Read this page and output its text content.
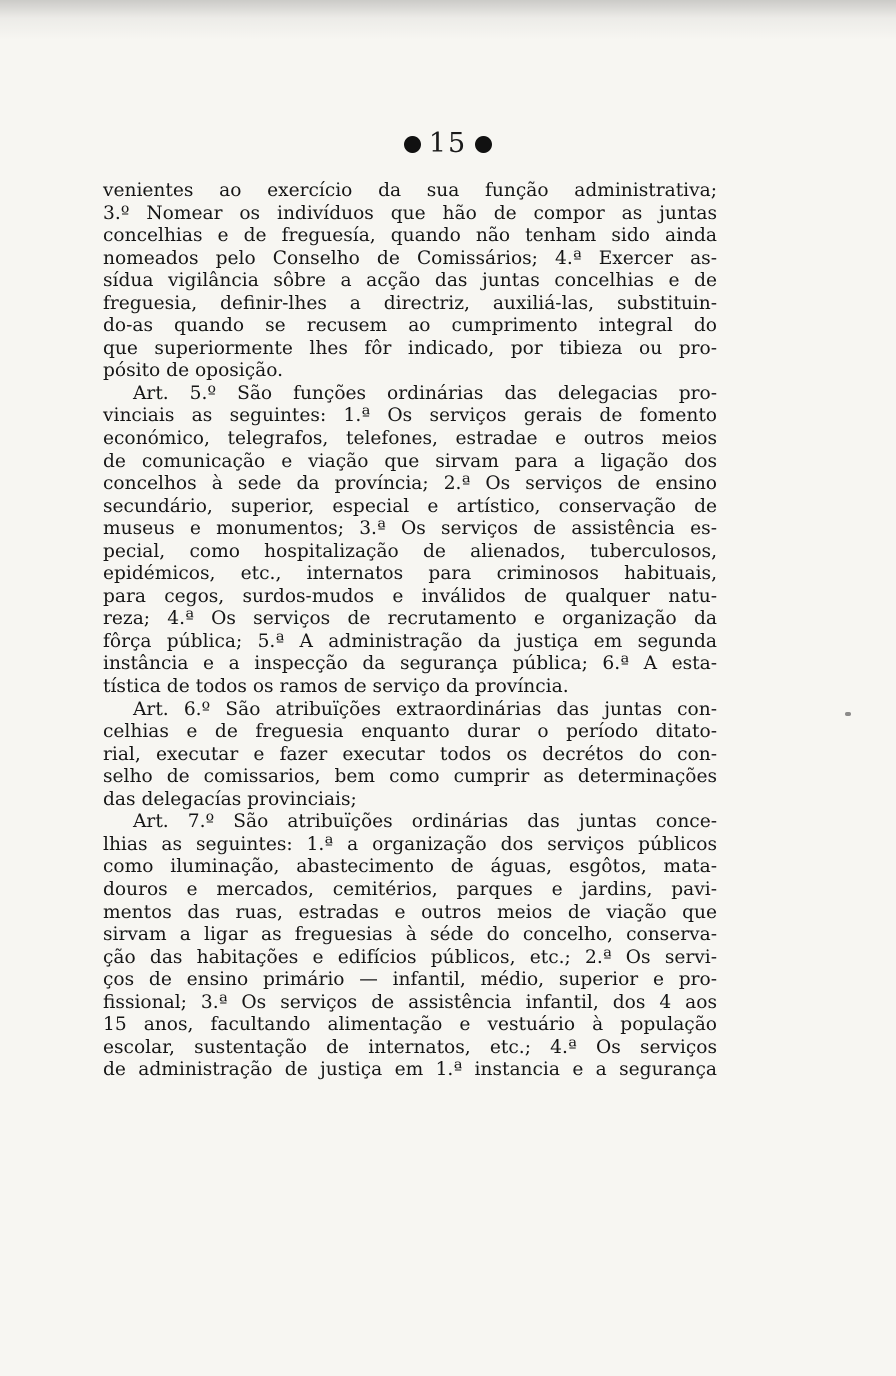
15
venientes ao exercício da sua função administrativa;
3.º Nomear os indivíduos que hão de compor as juntas
concelhias e de freguesía, quando não tenham sido ainda
nomeados pelo Conselho de Comissários; 4.ª Exercer as-
sídua vigilância sôbre a acção das juntas concelhias e de
freguesia, definir-lhes a directriz, auxiliá-las, substituin-
do-as quando se recusem ao cumprimento integral do
que superiormente lhes fôr indicado, por tibieza ou pro-
pósito de oposição.
Art. 5.º São funções ordinárias das delegacias pro-
vinciais as seguintes: 1.ª Os serviços gerais de fomento
económico, telegrafos, telefones, estradae e outros meios
de comunicação e viação que sirvam para a ligação dos
concelhos à sede da província; 2.ª Os serviços de ensino
secundário, superior, especial e artístico, conservação de
museus e monumentos; 3.ª Os serviços de assistência es-
pecial, como hospitalização de alienados, tuberculosos,
epidémicos, etc., internatos para criminosos habituais,
para cegos, surdos-mudos e inválidos de qualquer natu-
reza; 4.ª Os serviços de recrutamento e organização da
fôrça pública; 5.ª A administração da justiça em segunda
instância e a inspecção da segurança pública; 6.ª A esta-
tística de todos os ramos de serviço da província.
Art. 6.º São atribuïções extraordinárias das juntas con-
celhias e de freguesia enquanto durar o período ditato-
rial, executar e fazer executar todos os decrétos do con-
selho de comissarios, bem como cumprir as determinações
das delegacías provinciais;
Art. 7.º São atribuïções ordinárias das juntas conce-
lhias as seguintes: 1.ª a organização dos serviços públicos
como iluminação, abastecimento de águas, esgôtos, mata-
douros e mercados, cemitérios, parques e jardins, pavi-
mentos das ruas, estradas e outros meios de viação que
sirvam a ligar as freguesias à séde do concelho, conserva-
ção das habitações e edifícios públicos, etc.; 2.ª Os servi-
ços de ensino primário — infantil, médio, superior e pro-
fissional; 3.ª Os serviços de assistência infantil, dos 4 aos
15 anos, facultando alimentação e vestuário à população
escolar, sustentação de internatos, etc.; 4.ª Os serviços
de administração de justiça em 1.ª instancia e a segurança
